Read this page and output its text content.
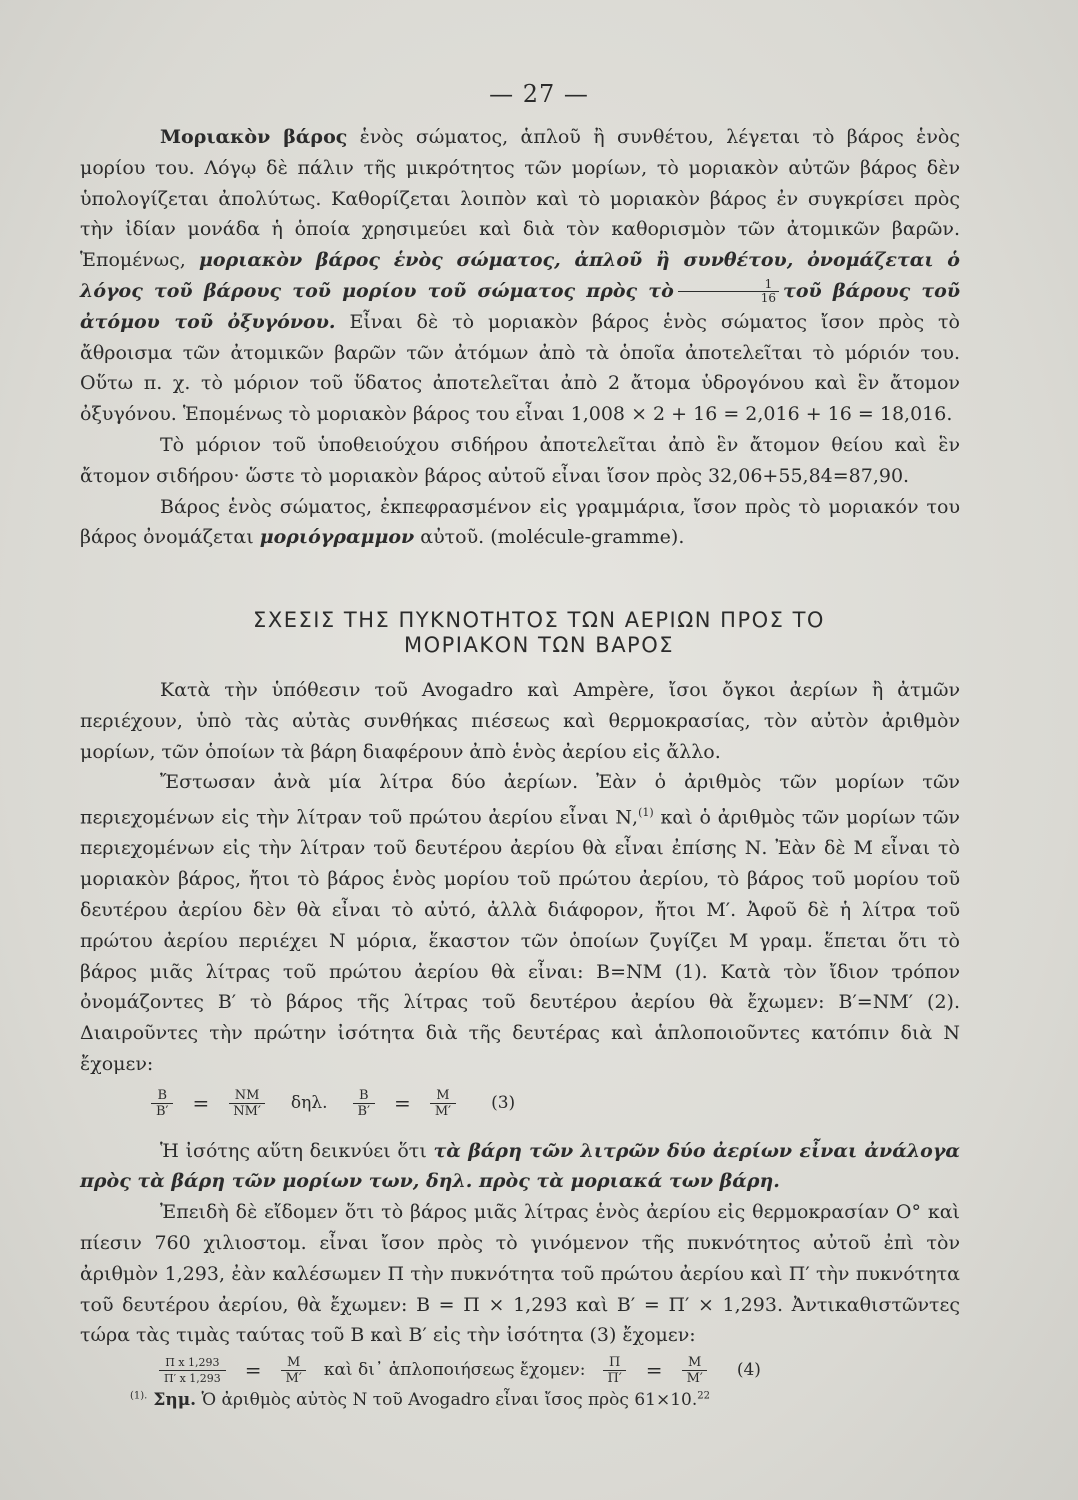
— 27 —

Μοριακὸν βάρος ἑνὸς σώματος, ἁπλοῦ ἢ συνθέτου, λέγεται τὸ βάρος ἑνὸς μορίου του. Λόγῳ δὲ πάλιν τῆς μικρότητος τῶν μορίων, τὸ μοριακὸν αὐτῶν βάρος δὲν ὑπολογίζεται ἀπολύτως. Καθορίζεται λοιπὸν καὶ τὸ μοριακὸν βάρος ἐν συγκρίσει πρὸς τὴν ἰδίαν μονάδα ἡ ὁποία χρησιμεύει καὶ διὰ τὸν καθορισμὸν τῶν ἀτομικῶν βαρῶν. Ἑπομένως, μοριακὸν βάρος ἑνὸς σώματος, ἁπλοῦ ἢ συνθέτου, ὀνομάζεται ὁ λόγος τοῦ βάρους τοῦ μορίου τοῦ σώματος πρὸς τὸ $\frac{1}{16}$ τοῦ βάρους τοῦ ἀτόμου τοῦ ὀξυγόνου. Εἶναι δὲ τὸ μοριακὸν βάρος ἑνὸς σώματος ἴσον πρὸς τὸ ἄθροισμα τῶν ἀτομικῶν βαρῶν τῶν ἀτόμων ἀπὸ τὰ ὁποῖα ἀποτελεῖται τὸ μόριόν του. Οὕτω π. χ. τὸ μόριον τοῦ ὕδατος ἀποτελεῖται ἀπὸ 2 ἄτομα ὑδρογόνου καὶ ἓν ἄτομον ὀξυγόνου. Ἑπομένως τὸ μοριακὸν βάρος του εἶναι 1,008 × 2 + 16 = 2,016 + 16 = 18,016.

Τὸ μόριον τοῦ ὑποθειούχου σιδήρου ἀποτελεῖται ἀπὸ ἓν ἄτομον θείου καὶ ἓν ἄτομον σιδήρου· ὥστε τὸ μοριακὸν βάρος αὐτοῦ εἶναι ἴσον πρὸς 32,06+55,84=87,90.

Βάρος ἑνὸς σώματος, ἐκπεφρασμένον εἰς γραμμάρια, ἴσον πρὸς τὸ μοριακόν του βάρος ὀνομάζεται μοριόγραμμον αὐτοῦ. (molécule-gramme).

ΣΧΕΣΙΣ ΤΗΣ ΠΥΚΝΟΤΗΤΟΣ ΤΩΝ ΑΕΡΙΩΝ ΠΡΟΣ ΤΟ
ΜΟΡΙΑΚΟΝ ΤΩΝ ΒΑΡΟΣ

Κατὰ τὴν ὑπόθεσιν τοῦ Avogadro καὶ Ampère, ἴσοι ὄγκοι ἀερίων ἢ ἀτμῶν περιέχουν, ὑπὸ τὰς αὐτὰς συνθήκας πιέσεως καὶ θερμοκρασίας, τὸν αὐτὸν ἀριθμὸν μορίων, τῶν ὁποίων τὰ βάρη διαφέρουν ἀπὸ ἑνὸς ἀερίου εἰς ἄλλο.

Ἔστωσαν ἀνὰ μία λίτρα δύο ἀερίων. Ἐὰν ὁ ἀριθμὸς τῶν μορίων τῶν περιεχομένων εἰς τὴν λίτραν τοῦ πρώτου ἀερίου εἶναι Ν,$^{(1)}$ καὶ ὁ ἀριθμὸς τῶν μορίων τῶν περιεχομένων εἰς τὴν λίτραν τοῦ δευτέρου ἀερίου θὰ εἶναι ἐπίσης Ν. Ἐὰν δὲ Μ εἶναι τὸ μοριακὸν βάρος, ἤτοι τὸ βάρος ἑνὸς μορίου τοῦ πρώτου ἀερίου, τὸ βάρος τοῦ μορίου τοῦ δευτέρου ἀερίου δὲν θὰ εἶναι τὸ αὐτό, ἀλλὰ διάφορον, ἤτοι Μ′. Ἀφοῦ δὲ ἡ λίτρα τοῦ πρώτου ἀερίου περιέχει Ν μόρια, ἕκαστον τῶν ὁποίων ζυγίζει Μ γραμ. ἕπεται ὅτι τὸ βάρος μιᾶς λίτρας τοῦ πρώτου ἀερίου θὰ εἶναι: Β=ΝΜ (1). Κατὰ τὸν ἴδιον τρόπον ὀνομάζοντες Β′ τὸ βάρος τῆς λίτρας τοῦ δευτέρου ἀερίου θὰ ἔχωμεν: Β′=ΝΜ′ (2). Διαιροῦντες τὴν πρώτην ἰσότητα διὰ τῆς δευτέρας καὶ ἁπλοποιοῦντες κατόπιν διὰ Ν ἔχομεν:

$\frac{B}{B'} = \frac{NM}{NM'} \delta\eta\lambda$. $\frac{B}{B'} = \frac{M}{M'} (3)$

Ἡ ἰσότης αὕτη δεικνύει ὅτι τὰ βάρη τῶν λιτρῶν δύο ἀερίων εἶναι ἀνάλογα πρὸς τὰ βάρη τῶν μορίων των, δηλ. πρὸς τὰ μοριακά των βάρη.

Ἐπειδὴ δὲ εἴδομεν ὅτι τὸ βάρος μιᾶς λίτρας ἑνὸς ἀερίου εἰς θερμοκρασίαν Ο° καὶ πίεσιν 760 χιλιοστομ. εἶναι ἴσον πρὸς τὸ γινόμενον τῆς πυκνότητος αὐτοῦ ἐπὶ τὸν ἀριθμὸν 1,293, ἐὰν καλέσωμεν Π τὴν πυκνότητα τοῦ πρώτου ἀερίου καὶ Π′ τὴν πυκνότητα τοῦ δευτέρου ἀερίου, θὰ ἔχωμεν: Β = Π × 1,293 καὶ Β′ = Π′ × 1,293. Ἀντικαθιστῶντες τώρα τὰς τιμὰς ταύτας τοῦ Β καὶ Β′ εἰς τὴν ἰσότητα (3) ἔχομεν:

$\frac{\text{Π x 1,293}}{\Pi' x 1,293} = \frac{M}{M'}$ καὶ δι᾽ ἁπλοποιήσεως ἔχομεν: $\frac{\Pi}{\Pi'} = \frac{M}{M'} (4)$
$^{(1).}$ Σημ. Ὁ ἀριθμὸς αὐτὸς Ν τοῦ Avogadro εἶναι ἴσος πρὸς 61×10.22
